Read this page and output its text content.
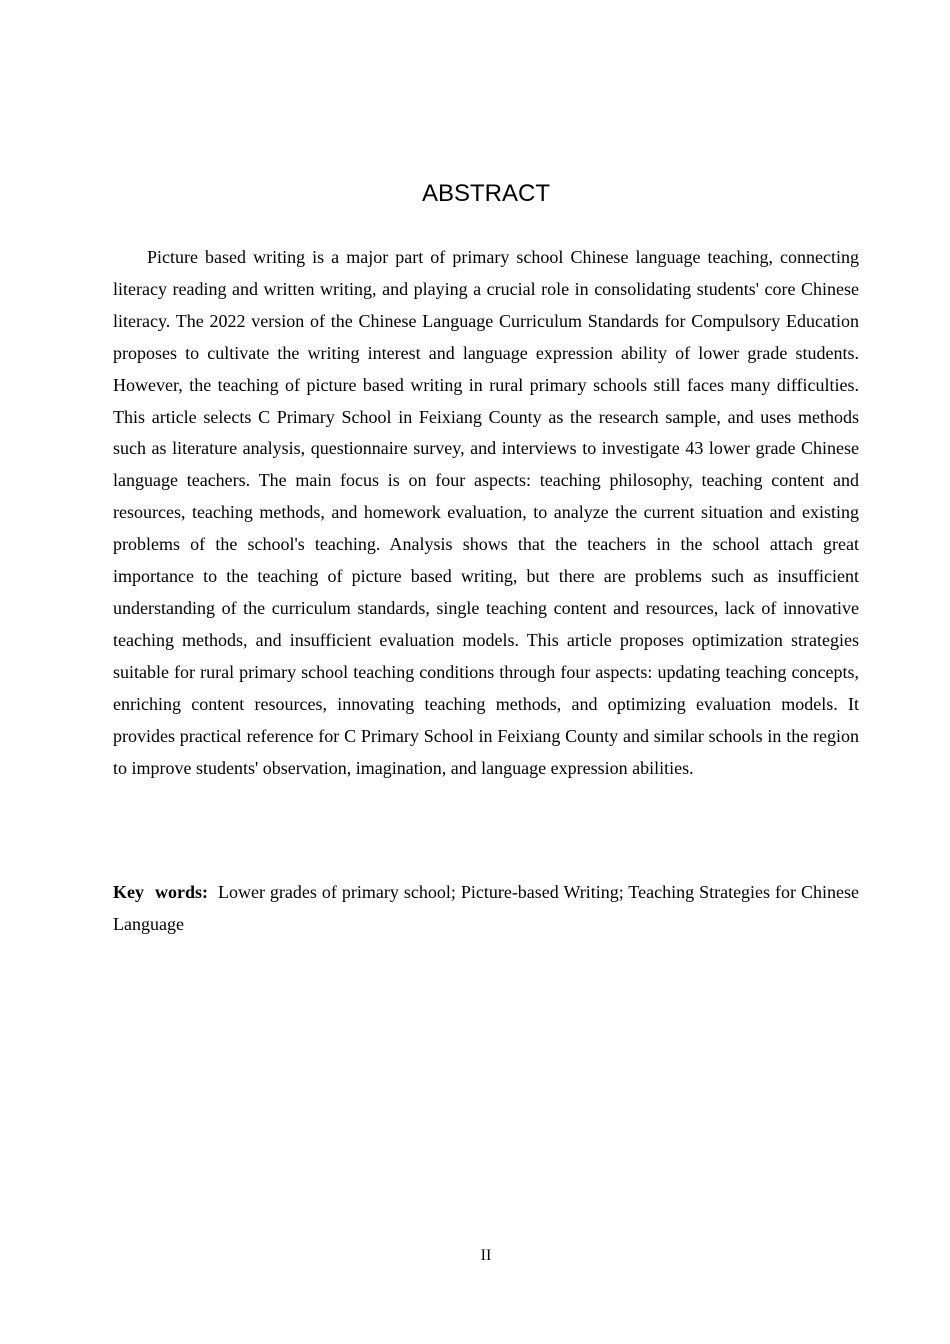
ABSTRACT

Picture based writing is a major part of primary school Chinese language teaching, connecting literacy reading and written writing, and playing a crucial role in consolidating students' core Chinese literacy. The 2022 version of the Chinese Language Curriculum Standards for Compulsory Education proposes to cultivate the writing interest and language expression ability of lower grade students. However, the teaching of picture based writing in rural primary schools still faces many difficulties. This article selects C Primary School in Feixiang County as the research sample, and uses methods such as literature analysis, questionnaire survey, and interviews to investigate 43 lower grade Chinese language teachers. The main focus is on four aspects: teaching philosophy, teaching content and resources, teaching methods, and homework evaluation, to analyze the current situation and existing problems of the school's teaching. Analysis shows that the teachers in the school attach great importance to the teaching of picture based writing, but there are problems such as insufficient understanding of the curriculum standards, single teaching content and resources, lack of innovative teaching methods, and insufficient evaluation models. This article proposes optimization strategies suitable for rural primary school teaching conditions through four aspects: updating teaching concepts, enriching content resources, innovating teaching methods, and optimizing evaluation models. It provides practical reference for C Primary School in Feixiang County and similar schools in the region to improve students' observation, imagination, and language expression abilities.

Key words: Lower grades of primary school; Picture-based Writing; Teaching Strategies for Chinese Language

II
